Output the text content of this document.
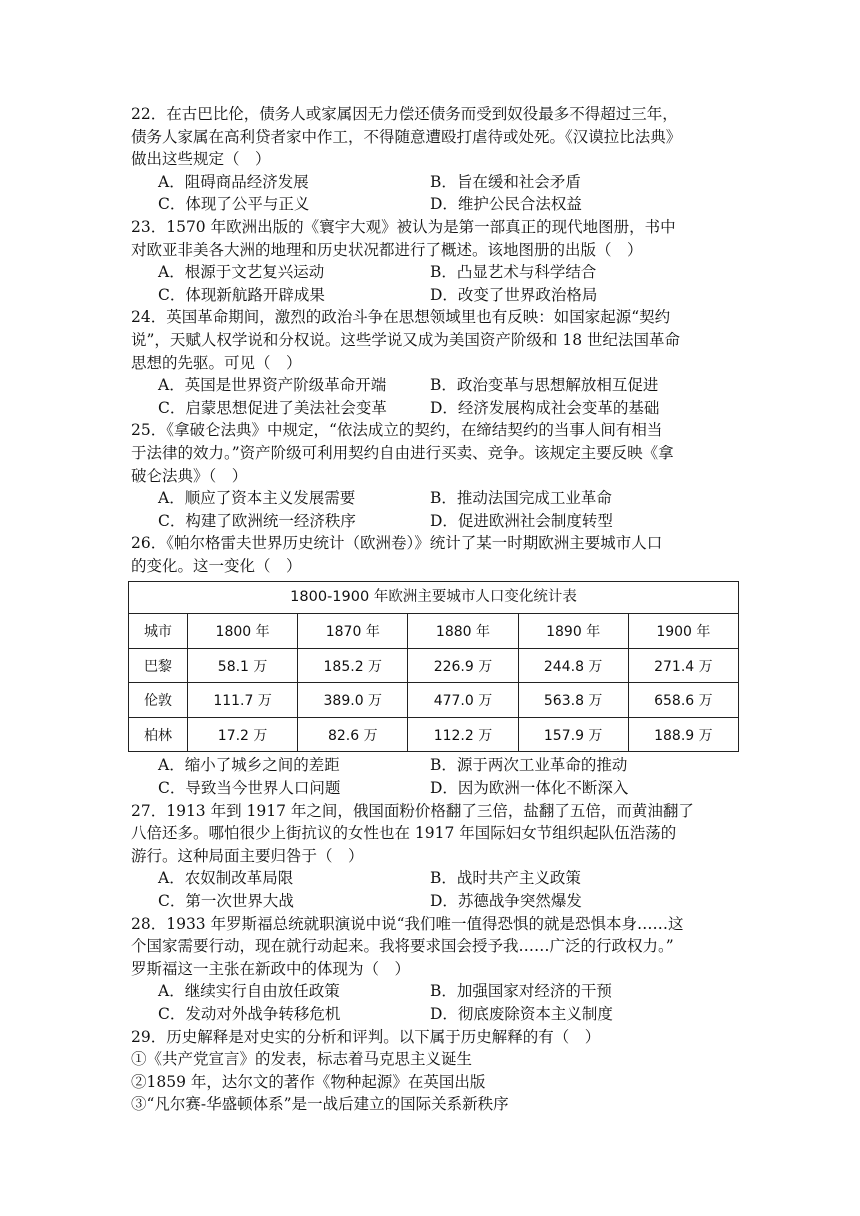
22．在古巴比伦，债务人或家属因无力偿还债务而受到奴役最多不得超过三年，
债务人家属在高利贷者家中作工，不得随意遭殴打虐待或处死。《汉谟拉比法典》
做出这些规定（　）
A．阻碍商品经济发展	B．旨在缓和社会矛盾
C．体现了公平与正义	D．维护公民合法权益
23．1570 年欧洲出版的《寰宇大观》被认为是第一部真正的现代地图册，书中
对欧亚非美各大洲的地理和历史状况都进行了概述。该地图册的出版（　）
A．根源于文艺复兴运动	B．凸显艺术与科学结合
C．体现新航路开辟成果	D．改变了世界政治格局
24．英国革命期间，激烈的政治斗争在思想领域里也有反映：如国家起源“契约
说”，天赋人权学说和分权说。这些学说又成为美国资产阶级和 18 世纪法国革命
思想的先驱。可见（　）
A．英国是世界资产阶级革命开端	B．政治变革与思想解放相互促进
C．启蒙思想促进了美法社会变革	D．经济发展构成社会变革的基础
25．《拿破仑法典》中规定，“依法成立的契约，在缔结契约的当事人间有相当
于法律的效力。”资产阶级可利用契约自由进行买卖、竞争。该规定主要反映《拿
破仑法典》（　）
A．顺应了资本主义发展需要	B．推动法国完成工业革命
C．构建了欧洲统一经济秩序	D．促进欧洲社会制度转型
26．《帕尔格雷夫世界历史统计（欧洲卷）》统计了某一时期欧洲主要城市人口
的变化。这一变化（　）
1800-1900 年欧洲主要城市人口变化统计表
城市	1800 年	1870 年	1880 年	1890 年	1900 年
巴黎	58.1 万	185.2 万	226.9 万	244.8 万	271.4 万
伦敦	111.7 万	389.0 万	477.0 万	563.8 万	658.6 万
柏林	17.2 万	82.6 万	112.2 万	157.9 万	188.9 万
A．缩小了城乡之间的差距	B．源于两次工业革命的推动
C．导致当今世界人口问题	D．因为欧洲一体化不断深入
27．1913 年到 1917 年之间，俄国面粉价格翻了三倍，盐翻了五倍，而黄油翻了
八倍还多。哪怕很少上街抗议的女性也在 1917 年国际妇女节组织起队伍浩荡的
游行。这种局面主要归咎于（　）
A．农奴制改革局限	B．战时共产主义政策
C．第一次世界大战	D．苏德战争突然爆发
28．1933 年罗斯福总统就职演说中说“我们唯一值得恐惧的就是恐惧本身……这
个国家需要行动，现在就行动起来。我将要求国会授予我……广泛的行政权力。”
罗斯福这一主张在新政中的体现为（　）
A．继续实行自由放任政策	B．加强国家对经济的干预
C．发动对外战争转移危机	D．彻底废除资本主义制度
29．历史解释是对史实的分析和评判。以下属于历史解释的有（　）
①《共产党宣言》的发表，标志着马克思主义诞生
②1859 年，达尔文的著作《物种起源》在英国出版
③“凡尔赛-华盛顿体系”是一战后建立的国际关系新秩序
